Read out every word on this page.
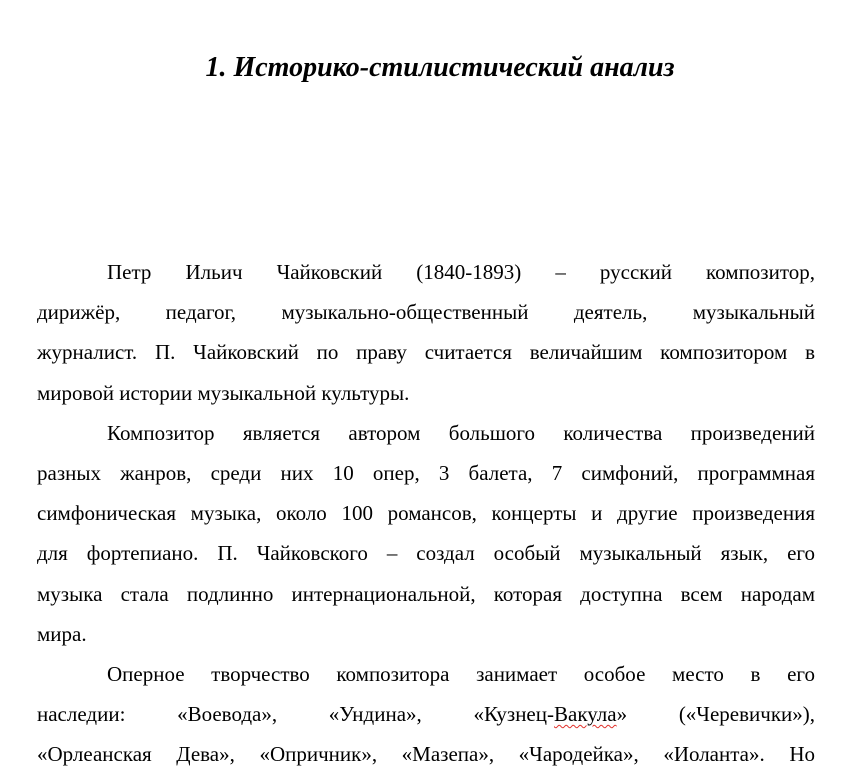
1. Историко-стилистический анализ
Петр Ильич Чайковский (1840-1893) – русский композитор,
дирижёр, педагог, музыкально-общественный деятель, музыкальный
журналист. П. Чайковский по праву считается величайшим композитором в
мировой истории музыкальной культуры.
Композитор является автором большого количества произведений
разных жанров, среди них 10 опер, 3 балета, 7 симфоний, программная
симфоническая музыка, около 100 романсов, концерты и другие произведения
для фортепиано. П. Чайковского – создал особый музыкальный язык, его
музыка стала подлинно интернациональной, которая доступна всем народам
мира.
Оперное творчество композитора занимает особое место в его
наследии: «Воевода», «Ундина», «Кузнец-Вакула» («Черевички»),
«Орлеанская Дева», «Опричник», «Мазепа», «Чародейка», «Иоланта». Но
